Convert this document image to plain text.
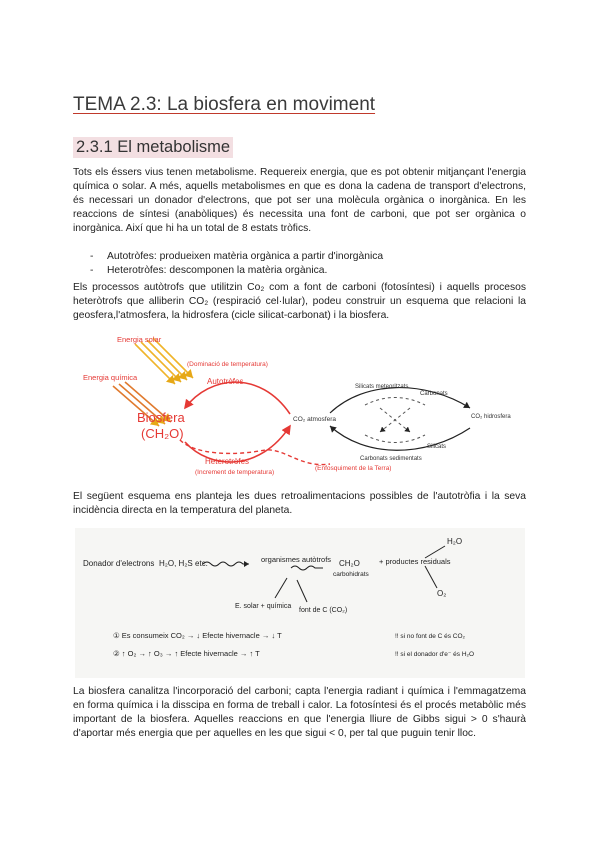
TEMA 2.3: La biosfera en moviment
2.3.1 El metabolisme

Tots els éssers vius tenen metabolisme. Requereix energia, que es pot obtenir mitjançant l'energia química o solar. A més, aquells metabolismes en que es dona la cadena de transport d'electrons, és necessari un donador d'electrons, que pot ser una molècula orgànica o inorgànica. En les reaccions de síntesi (anabòliques) és necessita una font de carboni, que pot ser orgànica o inorgànica. Així que hi ha un total de 8 estats tròfics.

- Autotròfes: produeixen matèria orgànica a partir d'inorgànica
- Heterotròfes: descomponen la matèria orgànica.

Els processos autòtrofs que utilitzin Co₂ com a font de carboni (fotosíntesi) i aquells procesos heteròtrofs que alliberin CO₂ (respiració cel·lular), podeu construir un esquema que relacioni la geosfera,l'atmosfera, la hidrosfera (cicle silicat-carbonat) i la biosfera.

Energia solar
Energia química
(Dominació de temperatura)
Biosfera
(CH₂O)
Autotròfes
Heterotròfes
(Increment de temperatura)
(Enfosquiment de la Terra)
CO₂ atmosfera
Silicats meteoritzats
Carbonats
CO₂ hidrosfera
Silicats
Carbonats sedimentats

El següent esquema ens planteja les dues retroalimentacions possibles de l'autotròfia i la seva incidència directa en la temperatura del planeta.

Donador d'electrons H₂O, H₂S etc.	organismes autòtrofs CH₂O
carbohidrats
+ productes residuals
H₂O
O₂
E. solar + química
font de C (CO₂)
① Es consumeix CO₂ → ↓ Efecte hivernacle → ↓ T	!! si no font de C és CO₂
② ↑ O₂ → ↑ O₃ → ↑ Efecte hivernacle → ↑ T	!! si el donador d'e⁻ és H₂O

La biosfera canalitza l'incorporació del carboni; capta l'energia radiant i química i l'emmagatzema en forma química i la disscipa en forma de treball i calor. La fotosíntesi és el procés metabòlic més important de la biosfera. Aquelles reaccions en que l'energia lliure de Gibbs sigui > 0 s'haurà d'aportar més energia que per aquelles en les que sigui < 0, per tal que puguin tenir lloc.
